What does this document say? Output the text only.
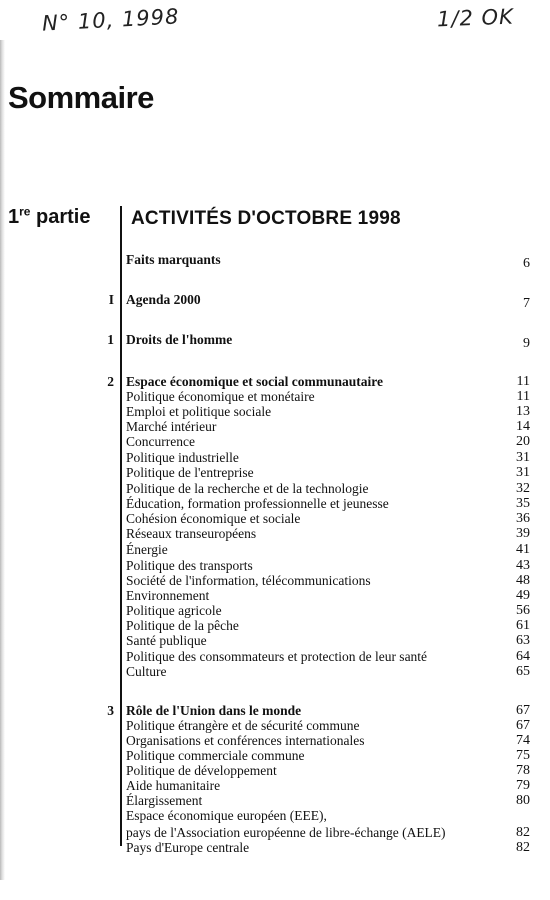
N° 10, 1998	1/2 OK
Sommaire
1re partie ACTIVITÉS D'OCTOBRE 1998
Faits marquants	6
I Agenda 2000	7
1 Droits de l'homme	9
2 Espace économique et social communautaire	11
Politique économique et monétaire	11
Emploi et politique sociale	13
Marché intérieur	14
Concurrence	20
Politique industrielle	31
Politique de l'entreprise	31
Politique de la recherche et de la technologie	32
Éducation, formation professionnelle et jeunesse	35
Cohésion économique et sociale	36
Réseaux transeuropéens	39
Énergie	41
Politique des transports	43
Société de l'information, télécommunications	48
Environnement	49
Politique agricole	56
Politique de la pêche	61
Santé publique	63
Politique des consommateurs et protection de leur santé	64
Culture	65
3 Rôle de l'Union dans le monde	67
Politique étrangère et de sécurité commune	67
Organisations et conférences internationales	74
Politique commerciale commune	75
Politique de développement	78
Aide humanitaire	79
Élargissement	80
Espace économique européen (EEE),
pays de l'Association européenne de libre-échange (AELE)	82
Pays d'Europe centrale	82
